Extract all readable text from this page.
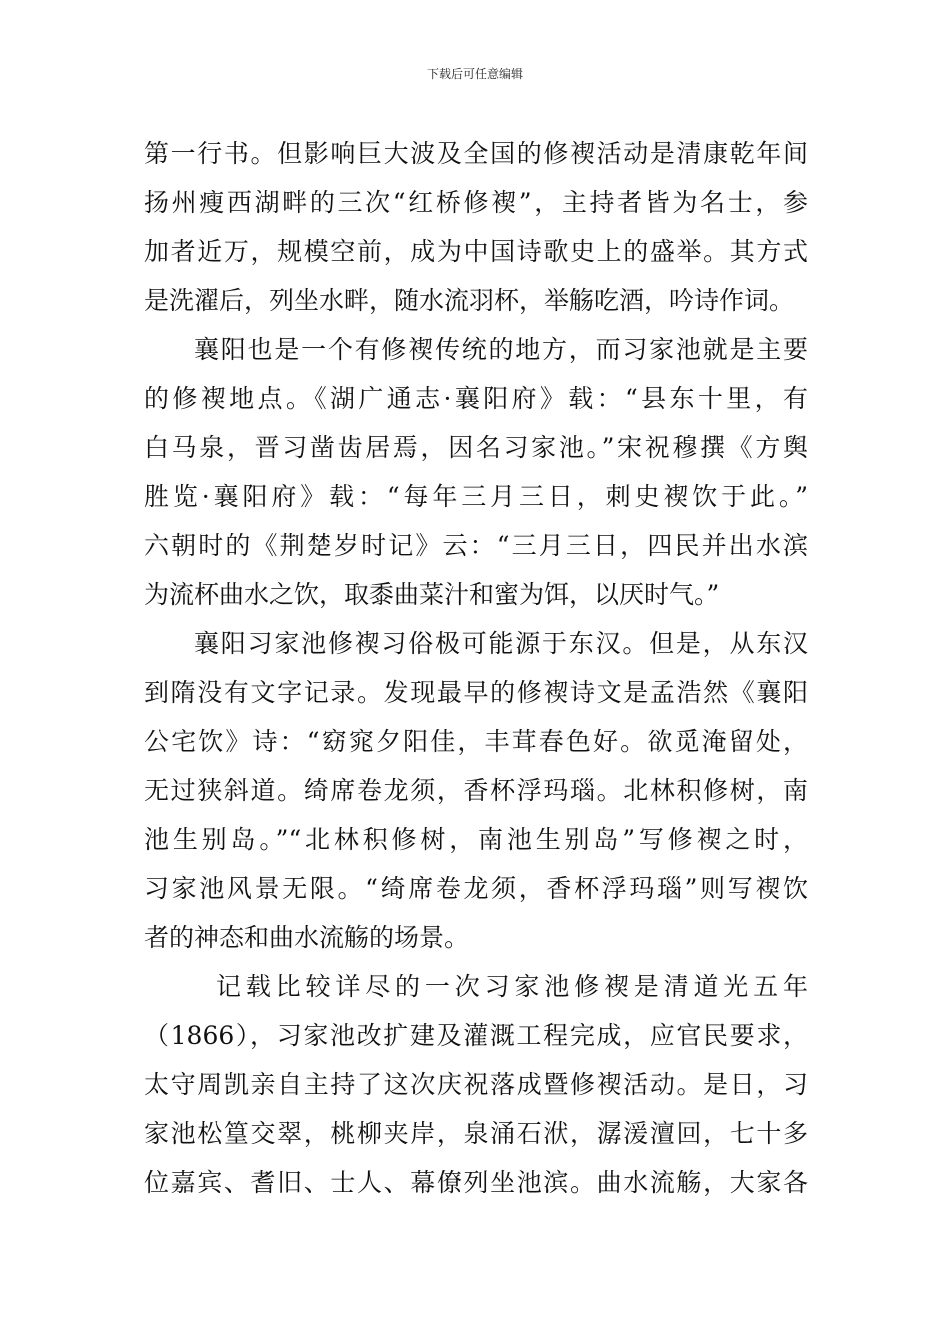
下载后可任意编辑
第一行书。但影响巨大波及全国的修褉活动是清康乾年间
扬州瘦西湖畔的三次“红桥修褉”，主持者皆为名士，参
加者近万，规模空前，成为中国诗歌史上的盛举。其方式
是洗濯后，列坐水畔，随水流羽杯，举觞吃酒，吟诗作词。
襄阳也是一个有修褉传统的地方，而习家池就是主要
的修褉地点。《湖广通志·襄阳府》载：“县东十里，有
白马泉，晋习凿齿居焉，因名习家池。”宋祝穆撰《方舆
胜览·襄阳府》载：“每年三月三日，刺史褉饮于此。”
六朝时的《荆楚岁时记》云：“三月三日，四民并出水滨
为流杯曲水之饮，取黍曲菜汁和蜜为饵，以厌时气。”
襄阳习家池修褉习俗极可能源于东汉。但是，从东汉
到隋没有文字记录。发现最早的修褉诗文是孟浩然《襄阳
公宅饮》诗：“窈窕夕阳佳，丰茸春色好。欲觅淹留处，
无过狭斜道。绮席卷龙须，香杯浮玛瑙。北林积修树，南
池生别岛。”“北林积修树，南池生别岛”写修褉之时，
习家池风景无限。“绮席卷龙须，香杯浮玛瑙”则写褉饮
者的神态和曲水流觞的场景。
记载比较详尽的一次习家池修褉是清道光五年
（1866），习家池改扩建及灌溉工程完成，应官民要求，
太守周凯亲自主持了这次庆祝落成暨修褉活动。是日，习
家池松篁交翠，桃柳夹岸，泉涌石洑，潺湲澶回，七十多
位嘉宾、耆旧、士人、幕僚列坐池滨。曲水流觞，大家各
